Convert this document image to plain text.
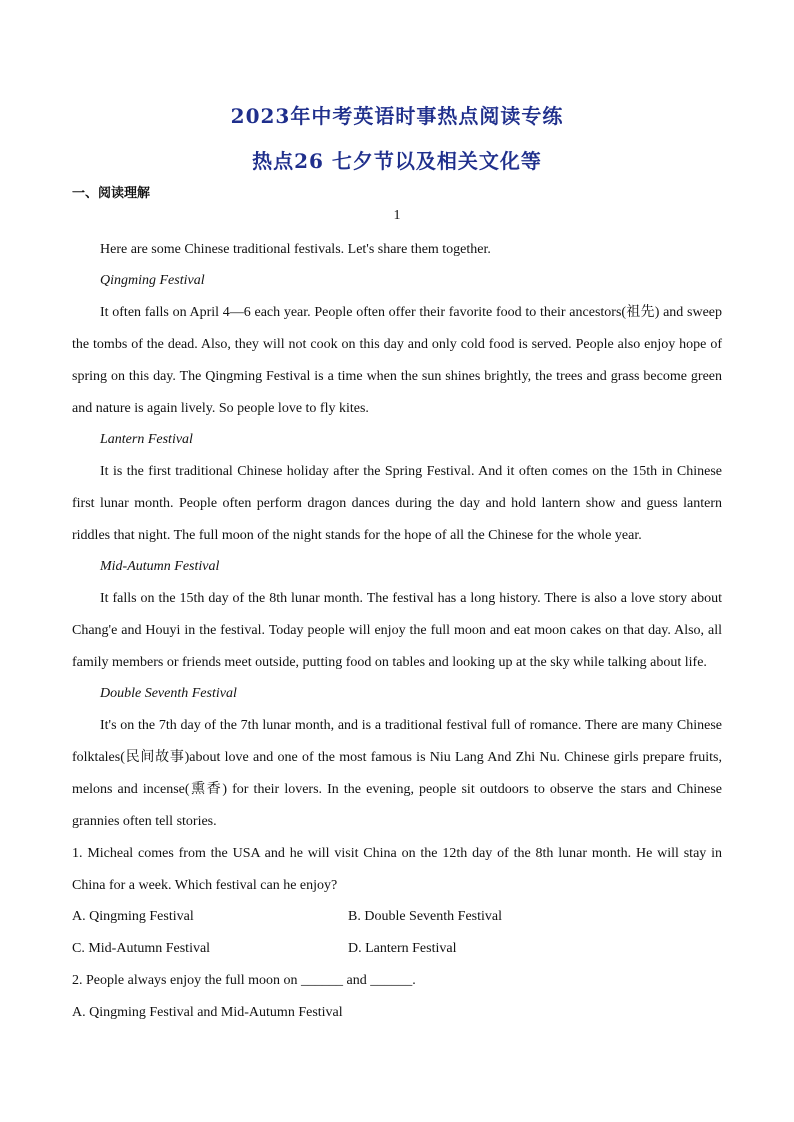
2023年中考英语时事热点阅读专练
热点26 七夕节以及相关文化等
一、阅读理解
1
Here are some Chinese traditional festivals. Let's share them together.
Qingming Festival
It often falls on April 4—6 each year. People often offer their favorite food to their ancestors(祖先) and sweep
the tombs of the dead. Also, they will not cook on this day and only cold food is served. People also enjoy hope of
spring on this day. The Qingming Festival is a time when the sun shines brightly, the trees and grass become green
and nature is again lively. So people love to fly kites.
Lantern Festival
It is the first traditional Chinese holiday after the Spring Festival. And it often comes on the 15th in Chinese
first lunar month. People often perform dragon dances during the day and hold lantern show and guess lantern
riddles that night. The full moon of the night stands for the hope of all the Chinese for the whole year.
Mid-Autumn Festival
It falls on the 15th day of the 8th lunar month. The festival has a long history. There is also a love story about
Chang'e and Houyi in the festival. Today people will enjoy the full moon and eat moon cakes on that day. Also, all
family members or friends meet outside, putting food on tables and looking up at the sky while talking about life.
Double Seventh Festival
It's on the 7th day of the 7th lunar month, and is a traditional festival full of romance. There are many Chinese
folktales(民间故事)about love and one of the most famous is Niu Lang And Zhi Nu. Chinese girls prepare fruits,
melons and incense(熏香) for their lovers. In the evening, people sit outdoors to observe the stars and Chinese
grannies often tell stories.
1. Micheal comes from the USA and he will visit China on the 12th day of the 8th lunar month. He will stay in
China for a week. Which festival can he enjoy?
A. Qingming Festival	B. Double Seventh Festival
C. Mid-Autumn Festival	D. Lantern Festival
2. People always enjoy the full moon on ______ and ______.
A. Qingming Festival and Mid-Autumn Festival
